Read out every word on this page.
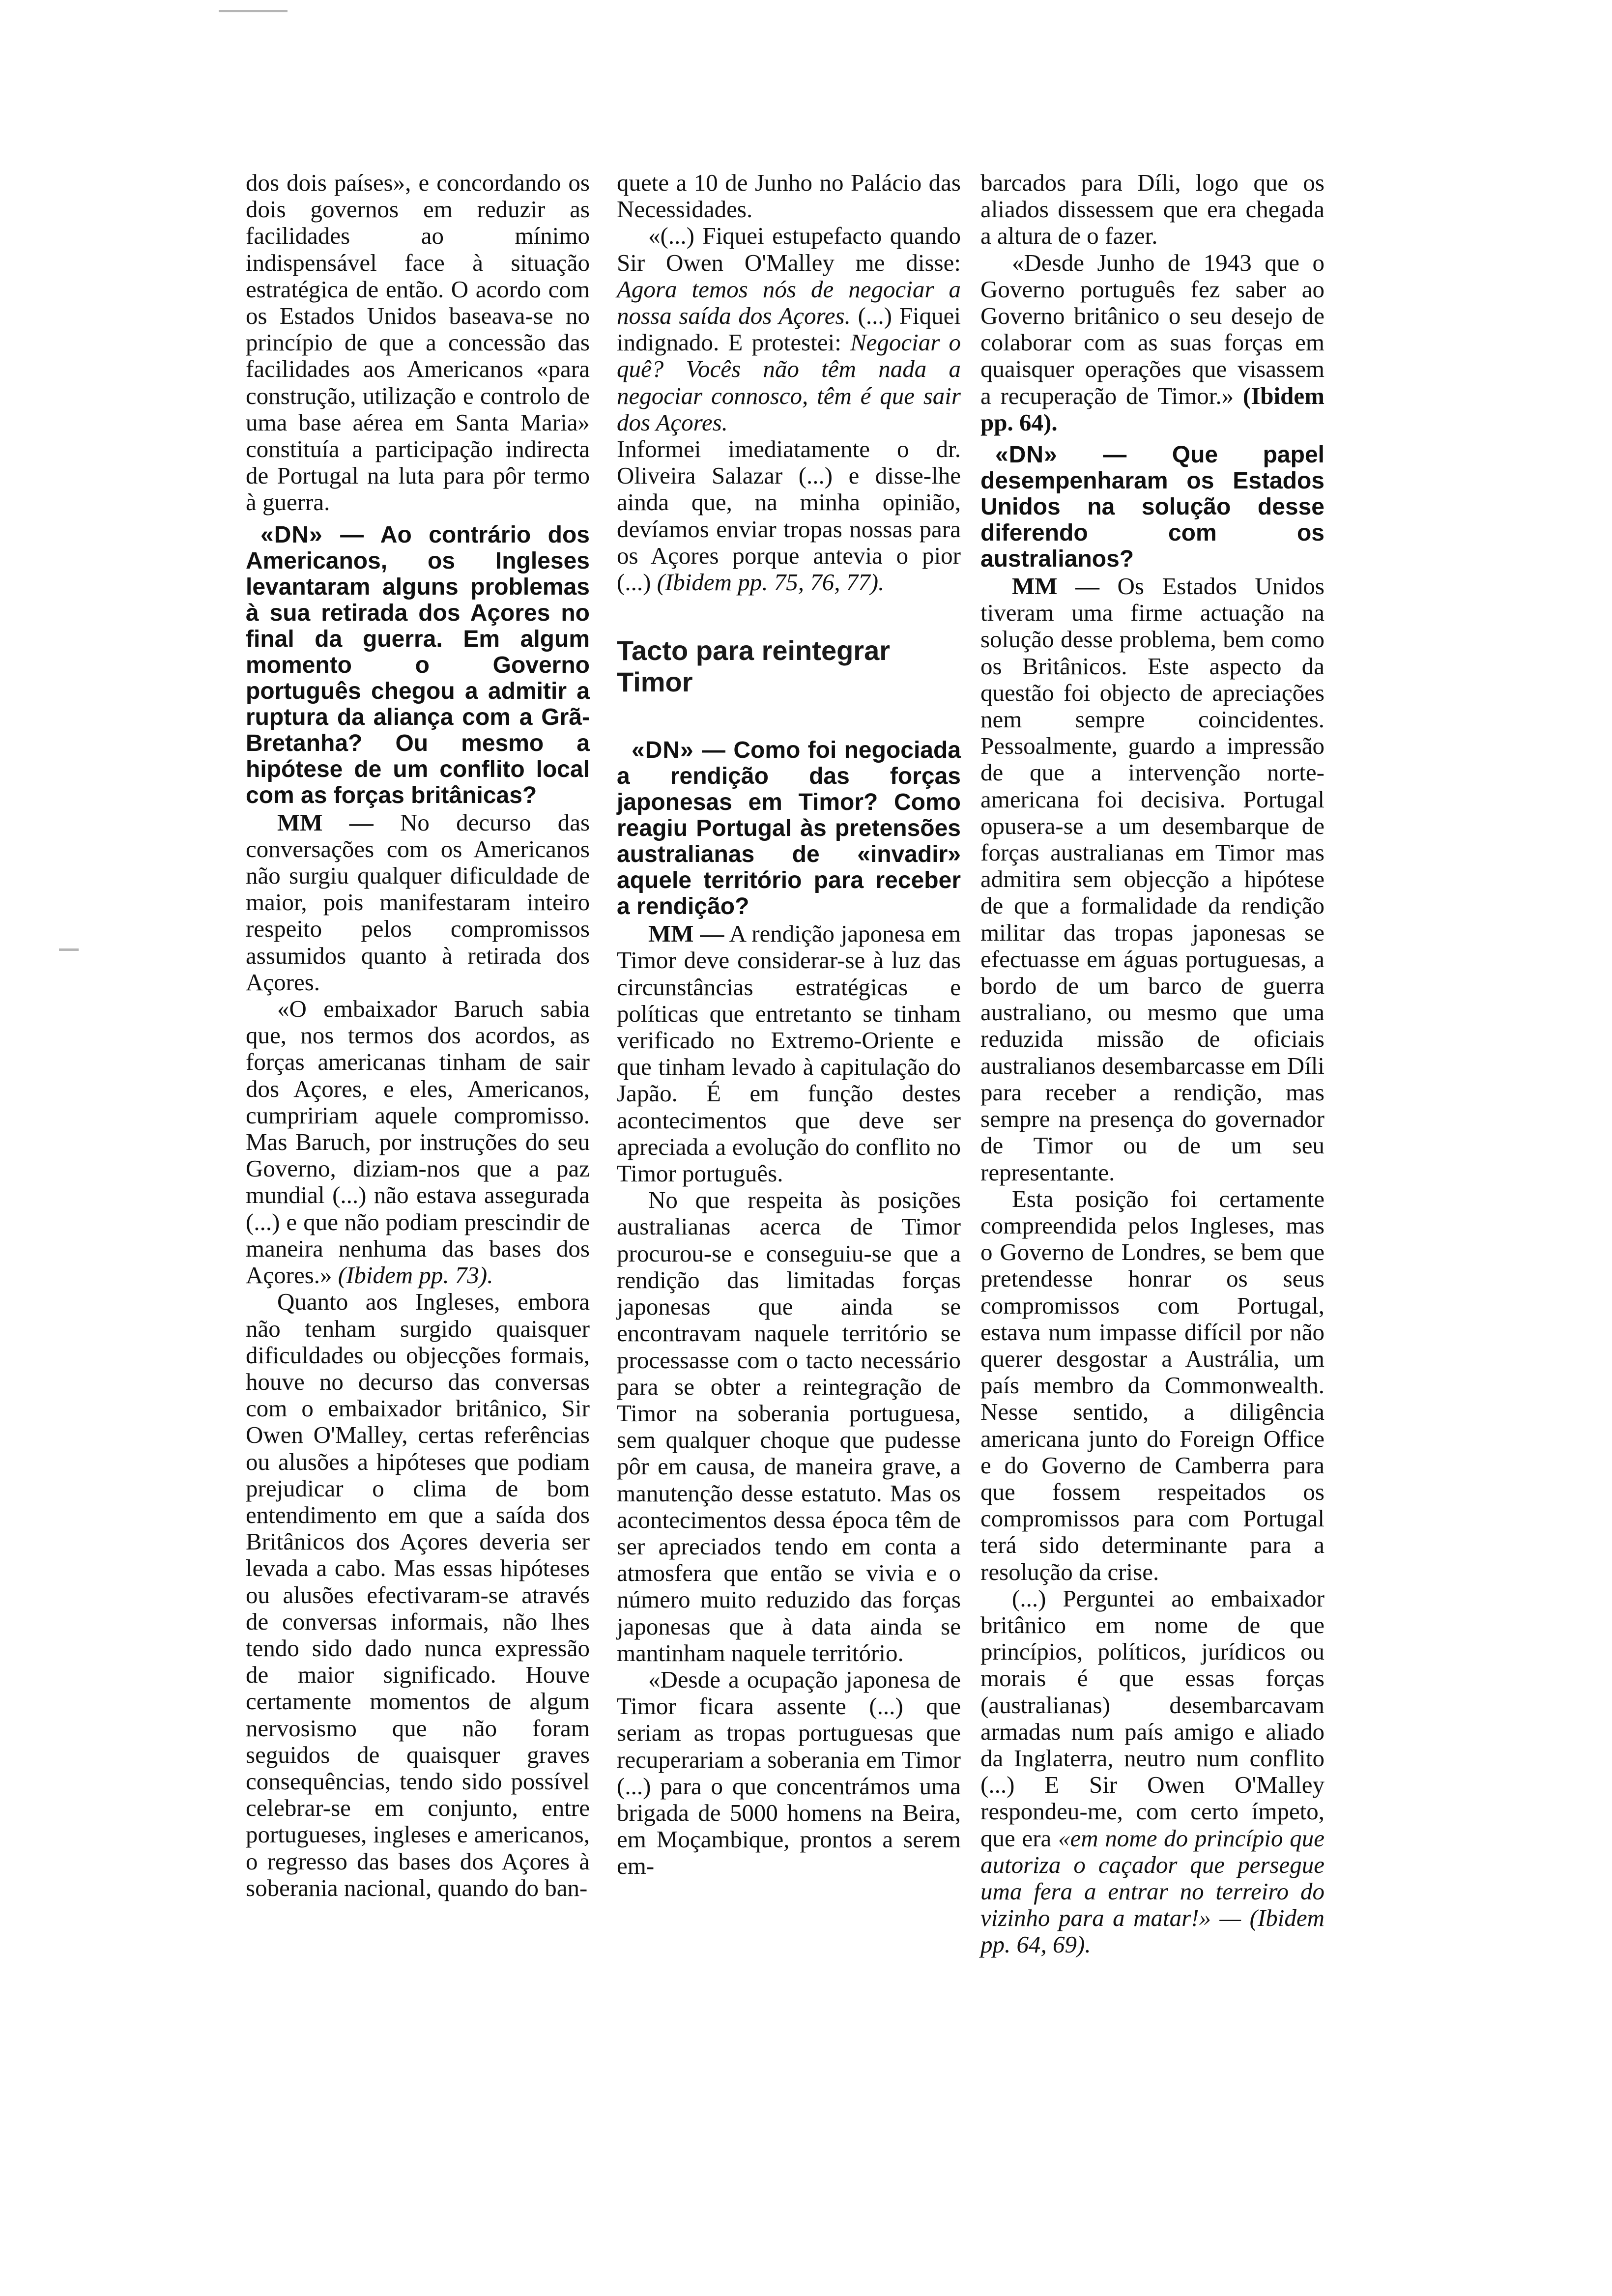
dos dois países», e concordando os dois governos em reduzir as facilidades ao mínimo indispensável face à situação estratégica de então. O acordo com os Estados Unidos baseava-se no princípio de que a concessão das facilidades aos Americanos «para construção, utilização e controlo de uma base aérea em Santa Maria» constituía a participação indirecta de Portugal na luta para pôr termo à guerra.

«DN» — Ao contrário dos Americanos, os Ingleses levantaram alguns problemas à sua retirada dos Açores no final da guerra. Em algum momento o Governo português chegou a admitir a ruptura da aliança com a Grã-Bretanha? Ou mesmo a hipótese de um conflito local com as forças britânicas?

MM — No decurso das conversações com os Americanos não surgiu qualquer dificuldade de maior, pois manifestaram inteiro respeito pelos compromissos assumidos quanto à retirada dos Açores.

«O embaixador Baruch sabia que, nos termos dos acordos, as forças americanas tinham de sair dos Açores, e eles, Americanos, cumpririam aquele compromisso. Mas Baruch, por instruções do seu Governo, diziam-nos que a paz mundial (...) não estava assegurada (...) e que não podiam prescindir de maneira nenhuma das bases dos Açores.» (Ibidem pp. 73).

Quanto aos Ingleses, embora não tenham surgido quaisquer dificuldades ou objecções formais, houve no decurso das conversas com o embaixador britânico, Sir Owen O'Malley, certas referências ou alusões a hipóteses que podiam prejudicar o clima de bom entendimento em que a saída dos Britânicos dos Açores deveria ser levada a cabo. Mas essas hipóteses ou alusões efectivaram-se através de conversas informais, não lhes tendo sido dado nunca expressão de maior significado. Houve certamente momentos de algum nervosismo que não foram seguidos de quaisquer graves consequências, tendo sido possível celebrar-se em conjunto, entre portugueses, ingleses e americanos, o regresso das bases dos Açores à soberania nacional, quando do ban-

quete a 10 de Junho no Palácio das Necessidades.

«(...) Fiquei estupefacto quando Sir Owen O'Malley me disse: Agora temos nós de negociar a nossa saída dos Açores. (...) Fiquei indignado. E protestei: Negociar o quê? Vocês não têm nada a negociar connosco, têm é que sair dos Açores.

Informei imediatamente o dr. Oliveira Salazar (...) e disse-lhe ainda que, na minha opinião, devíamos enviar tropas nossas para os Açores porque antevia o pior (...) (Ibidem pp. 75, 76, 77).

Tacto para reintegrar Timor

«DN» — Como foi negociada a rendição das forças japonesas em Timor? Como reagiu Portugal às pretensões australianas de «invadir» aquele território para receber a rendição?

MM — A rendição japonesa em Timor deve considerar-se à luz das circunstâncias estratégicas e políticas que entretanto se tinham verificado no Extremo-Oriente e que tinham levado à capitulação do Japão. É em função destes acontecimentos que deve ser apreciada a evolução do conflito no Timor português.

No que respeita às posições australianas acerca de Timor procurou-se e conseguiu-se que a rendição das limitadas forças japonesas que ainda se encontravam naquele território se processasse com o tacto necessário para se obter a reintegração de Timor na soberania portuguesa, sem qualquer choque que pudesse pôr em causa, de maneira grave, a manutenção desse estatuto. Mas os acontecimentos dessa época têm de ser apreciados tendo em conta a atmosfera que então se vivia e o número muito reduzido das forças japonesas que à data ainda se mantinham naquele território.

«Desde a ocupação japonesa de Timor ficara assente (...) que seriam as tropas portuguesas que recuperariam a soberania em Timor (...) para o que concentrámos uma brigada de 5000 homens na Beira, em Moçambique, prontos a serem em-

barcados para Díli, logo que os aliados dissessem que era chegada a altura de o fazer.

«Desde Junho de 1943 que o Governo português fez saber ao Governo britânico o seu desejo de colaborar com as suas forças em quaisquer operações que visassem a recuperação de Timor.» (Ibidem pp. 64).

«DN» — Que papel desempenharam os Estados Unidos na solução desse diferendo com os australianos?

MM — Os Estados Unidos tiveram uma firme actuação na solução desse problema, bem como os Britânicos. Este aspecto da questão foi objecto de apreciações nem sempre coincidentes. Pessoalmente, guardo a impressão de que a intervenção norte-americana foi decisiva. Portugal opusera-se a um desembarque de forças australianas em Timor mas admitira sem objecção a hipótese de que a formalidade da rendição militar das tropas japonesas se efectuasse em águas portuguesas, a bordo de um barco de guerra australiano, ou mesmo que uma reduzida missão de oficiais australianos desembarcasse em Díli para receber a rendição, mas sempre na presença do governador de Timor ou de um seu representante.

Esta posição foi certamente compreendida pelos Ingleses, mas o Governo de Londres, se bem que pretendesse honrar os seus compromissos com Portugal, estava num impasse difícil por não querer desgostar a Austrália, um país membro da Commonwealth. Nesse sentido, a diligência americana junto do Foreign Office e do Governo de Camberra para que fossem respeitados os compromissos para com Portugal terá sido determinante para a resolução da crise.

(...) Perguntei ao embaixador britânico em nome de que princípios, políticos, jurídicos ou morais é que essas forças (australianas) desembarcavam armadas num país amigo e aliado da Inglaterra, neutro num conflito (...) E Sir Owen O'Malley respondeu-me, com certo ímpeto, que era «em nome do princípio que autoriza o caçador que persegue uma fera a entrar no terreiro do vizinho para a matar!» — (Ibidem pp. 64, 69).
